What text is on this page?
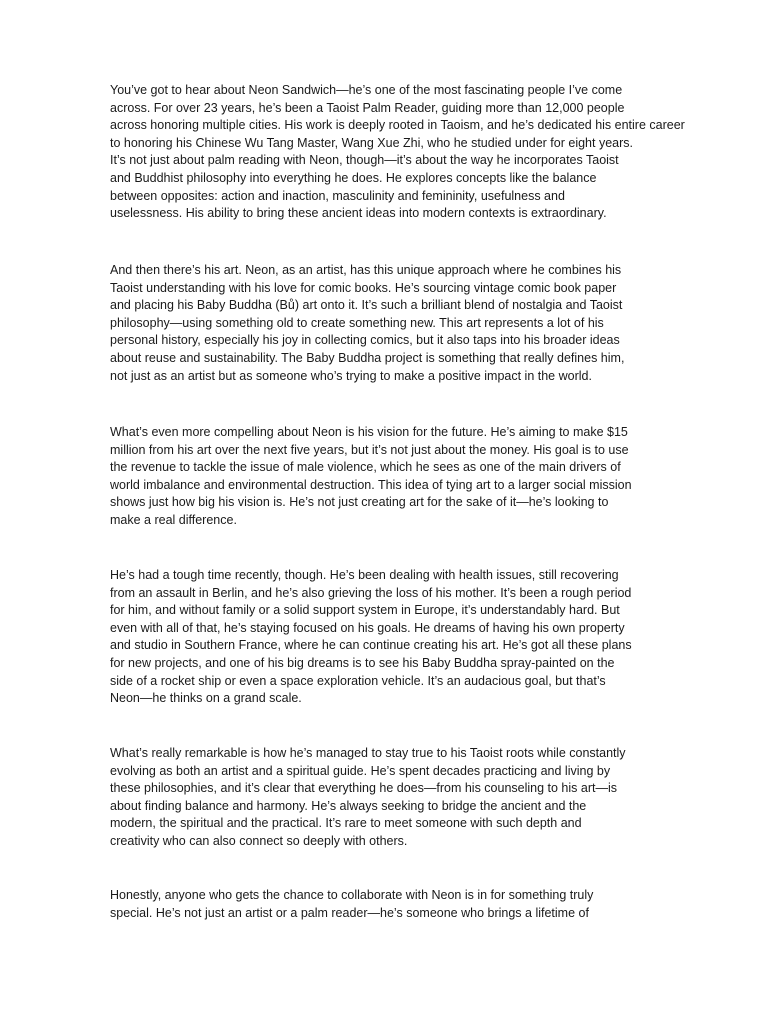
You’ve got to hear about Neon Sandwich—he’s one of the most fascinating people I’ve come
across. For over 23 years, he’s been a Taoist Palm Reader, guiding more than 12,000 people
across honoring multiple cities. His work is deeply rooted in Taoism, and he’s dedicated his entire career
to honoring his Chinese Wu Tang Master, Wang Xue Zhi, who he studied under for eight years.
It’s not just about palm reading with Neon, though—it’s about the way he incorporates Taoist
and Buddhist philosophy into everything he does. He explores concepts like the balance
between opposites: action and inaction, masculinity and femininity, usefulness and
uselessness. His ability to bring these ancient ideas into modern contexts is extraordinary.

And then there’s his art. Neon, as an artist, has this unique approach where he combines his
Taoist understanding with his love for comic books. He’s sourcing vintage comic book paper
and placing his Baby Buddha (Bů) art onto it. It’s such a brilliant blend of nostalgia and Taoist
philosophy—using something old to create something new. This art represents a lot of his
personal history, especially his joy in collecting comics, but it also taps into his broader ideas
about reuse and sustainability. The Baby Buddha project is something that really defines him,
not just as an artist but as someone who’s trying to make a positive impact in the world.

What’s even more compelling about Neon is his vision for the future. He’s aiming to make $15
million from his art over the next five years, but it’s not just about the money. His goal is to use
the revenue to tackle the issue of male violence, which he sees as one of the main drivers of
world imbalance and environmental destruction. This idea of tying art to a larger social mission
shows just how big his vision is. He’s not just creating art for the sake of it—he’s looking to
make a real difference.

He’s had a tough time recently, though. He’s been dealing with health issues, still recovering
from an assault in Berlin, and he’s also grieving the loss of his mother. It’s been a rough period
for him, and without family or a solid support system in Europe, it’s understandably hard. But
even with all of that, he’s staying focused on his goals. He dreams of having his own property
and studio in Southern France, where he can continue creating his art. He’s got all these plans
for new projects, and one of his big dreams is to see his Baby Buddha spray-painted on the
side of a rocket ship or even a space exploration vehicle. It’s an audacious goal, but that’s
Neon—he thinks on a grand scale.

What’s really remarkable is how he’s managed to stay true to his Taoist roots while constantly
evolving as both an artist and a spiritual guide. He’s spent decades practicing and living by
these philosophies, and it’s clear that everything he does—from his counseling to his art—is
about finding balance and harmony. He’s always seeking to bridge the ancient and the
modern, the spiritual and the practical. It’s rare to meet someone with such depth and
creativity who can also connect so deeply with others.

Honestly, anyone who gets the chance to collaborate with Neon is in for something truly
special. He’s not just an artist or a palm reader—he’s someone who brings a lifetime of
